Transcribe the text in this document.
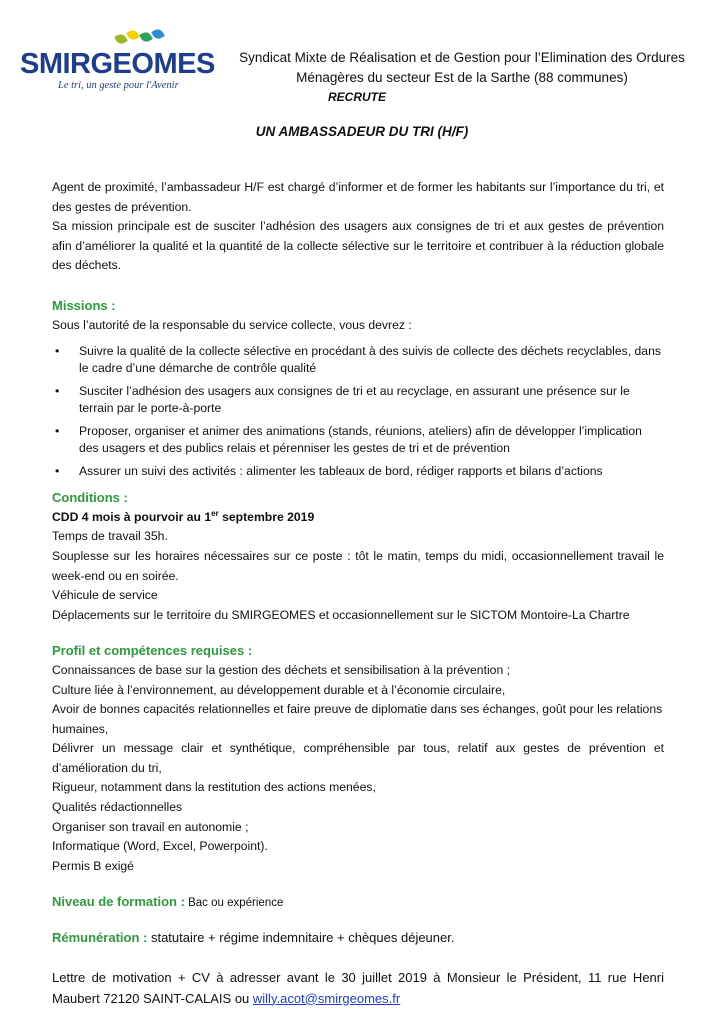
SMIRGEOMES
Le tri, un geste pour l'Avenir
Syndicat Mixte de Réalisation et de Gestion pour l’Elimination des Ordures
Ménagères du secteur Est de la Sarthe (88 communes)
RECRUTE
UN AMBASSADEUR DU TRI (H/F)

Agent de proximité, l’ambassadeur H/F est chargé d’informer et de former les habitants sur l’importance du tri, et des gestes de prévention.

Sa mission principale est de susciter l’adhésion des usagers aux consignes de tri et aux gestes de prévention afin d’améliorer la qualité et la quantité de la collecte sélective sur le territoire et contribuer à la réduction globale des déchets.

Missions :

Sous l’autorité de la responsable du service collecte, vous devrez :

• Suivre la qualité de la collecte sélective en procédant à des suivis de collecte des déchets recyclables, dans le cadre d’une démarche de contrôle qualité
• Susciter l’adhésion des usagers aux consignes de tri et au recyclage, en assurant une présence sur le terrain par le porte-à-porte
• Proposer, organiser et animer des animations (stands, réunions, ateliers) afin de développer l’implication des usagers et des publics relais et pérenniser les gestes de tri et de prévention
• Assurer un suivi des activités : alimenter les tableaux de bord, rédiger rapports et bilans d’actions

Conditions :

CDD 4 mois à pourvoir au 1er septembre 2019

Temps de travail 35h.

Souplesse sur les horaires nécessaires sur ce poste : tôt le matin, temps du midi, occasionnellement travail le week-end ou en soirée.

Véhicule de service

Déplacements sur le territoire du SMIRGEOMES et occasionnellement sur le SICTOM Montoire-La Chartre

Profil et compétences requises :

Connaissances de base sur la gestion des déchets et sensibilisation à la prévention ;

Culture liée à l’environnement, au développement durable et à l’économie circulaire,

Avoir de bonnes capacités relationnelles et faire preuve de diplomatie dans ses échanges, goût pour les relations humaines,

Délivrer un message clair et synthétique, compréhensible par tous, relatif aux gestes de prévention et d’amélioration du tri,

Rigueur, notamment dans la restitution des actions menées,

Qualités rédactionnelles

Organiser son travail en autonomie ;

Informatique (Word, Excel, Powerpoint).

Permis B exigé

Niveau de formation : Bac ou expérience

Rémunération : statutaire + régime indemnitaire + chèques déjeuner.

Lettre de motivation + CV à adresser avant le 30 juillet 2019 à Monsieur le Président, 11 rue Henri Maubert 72120 SAINT-CALAIS ou willy.acot@smirgeomes.fr
